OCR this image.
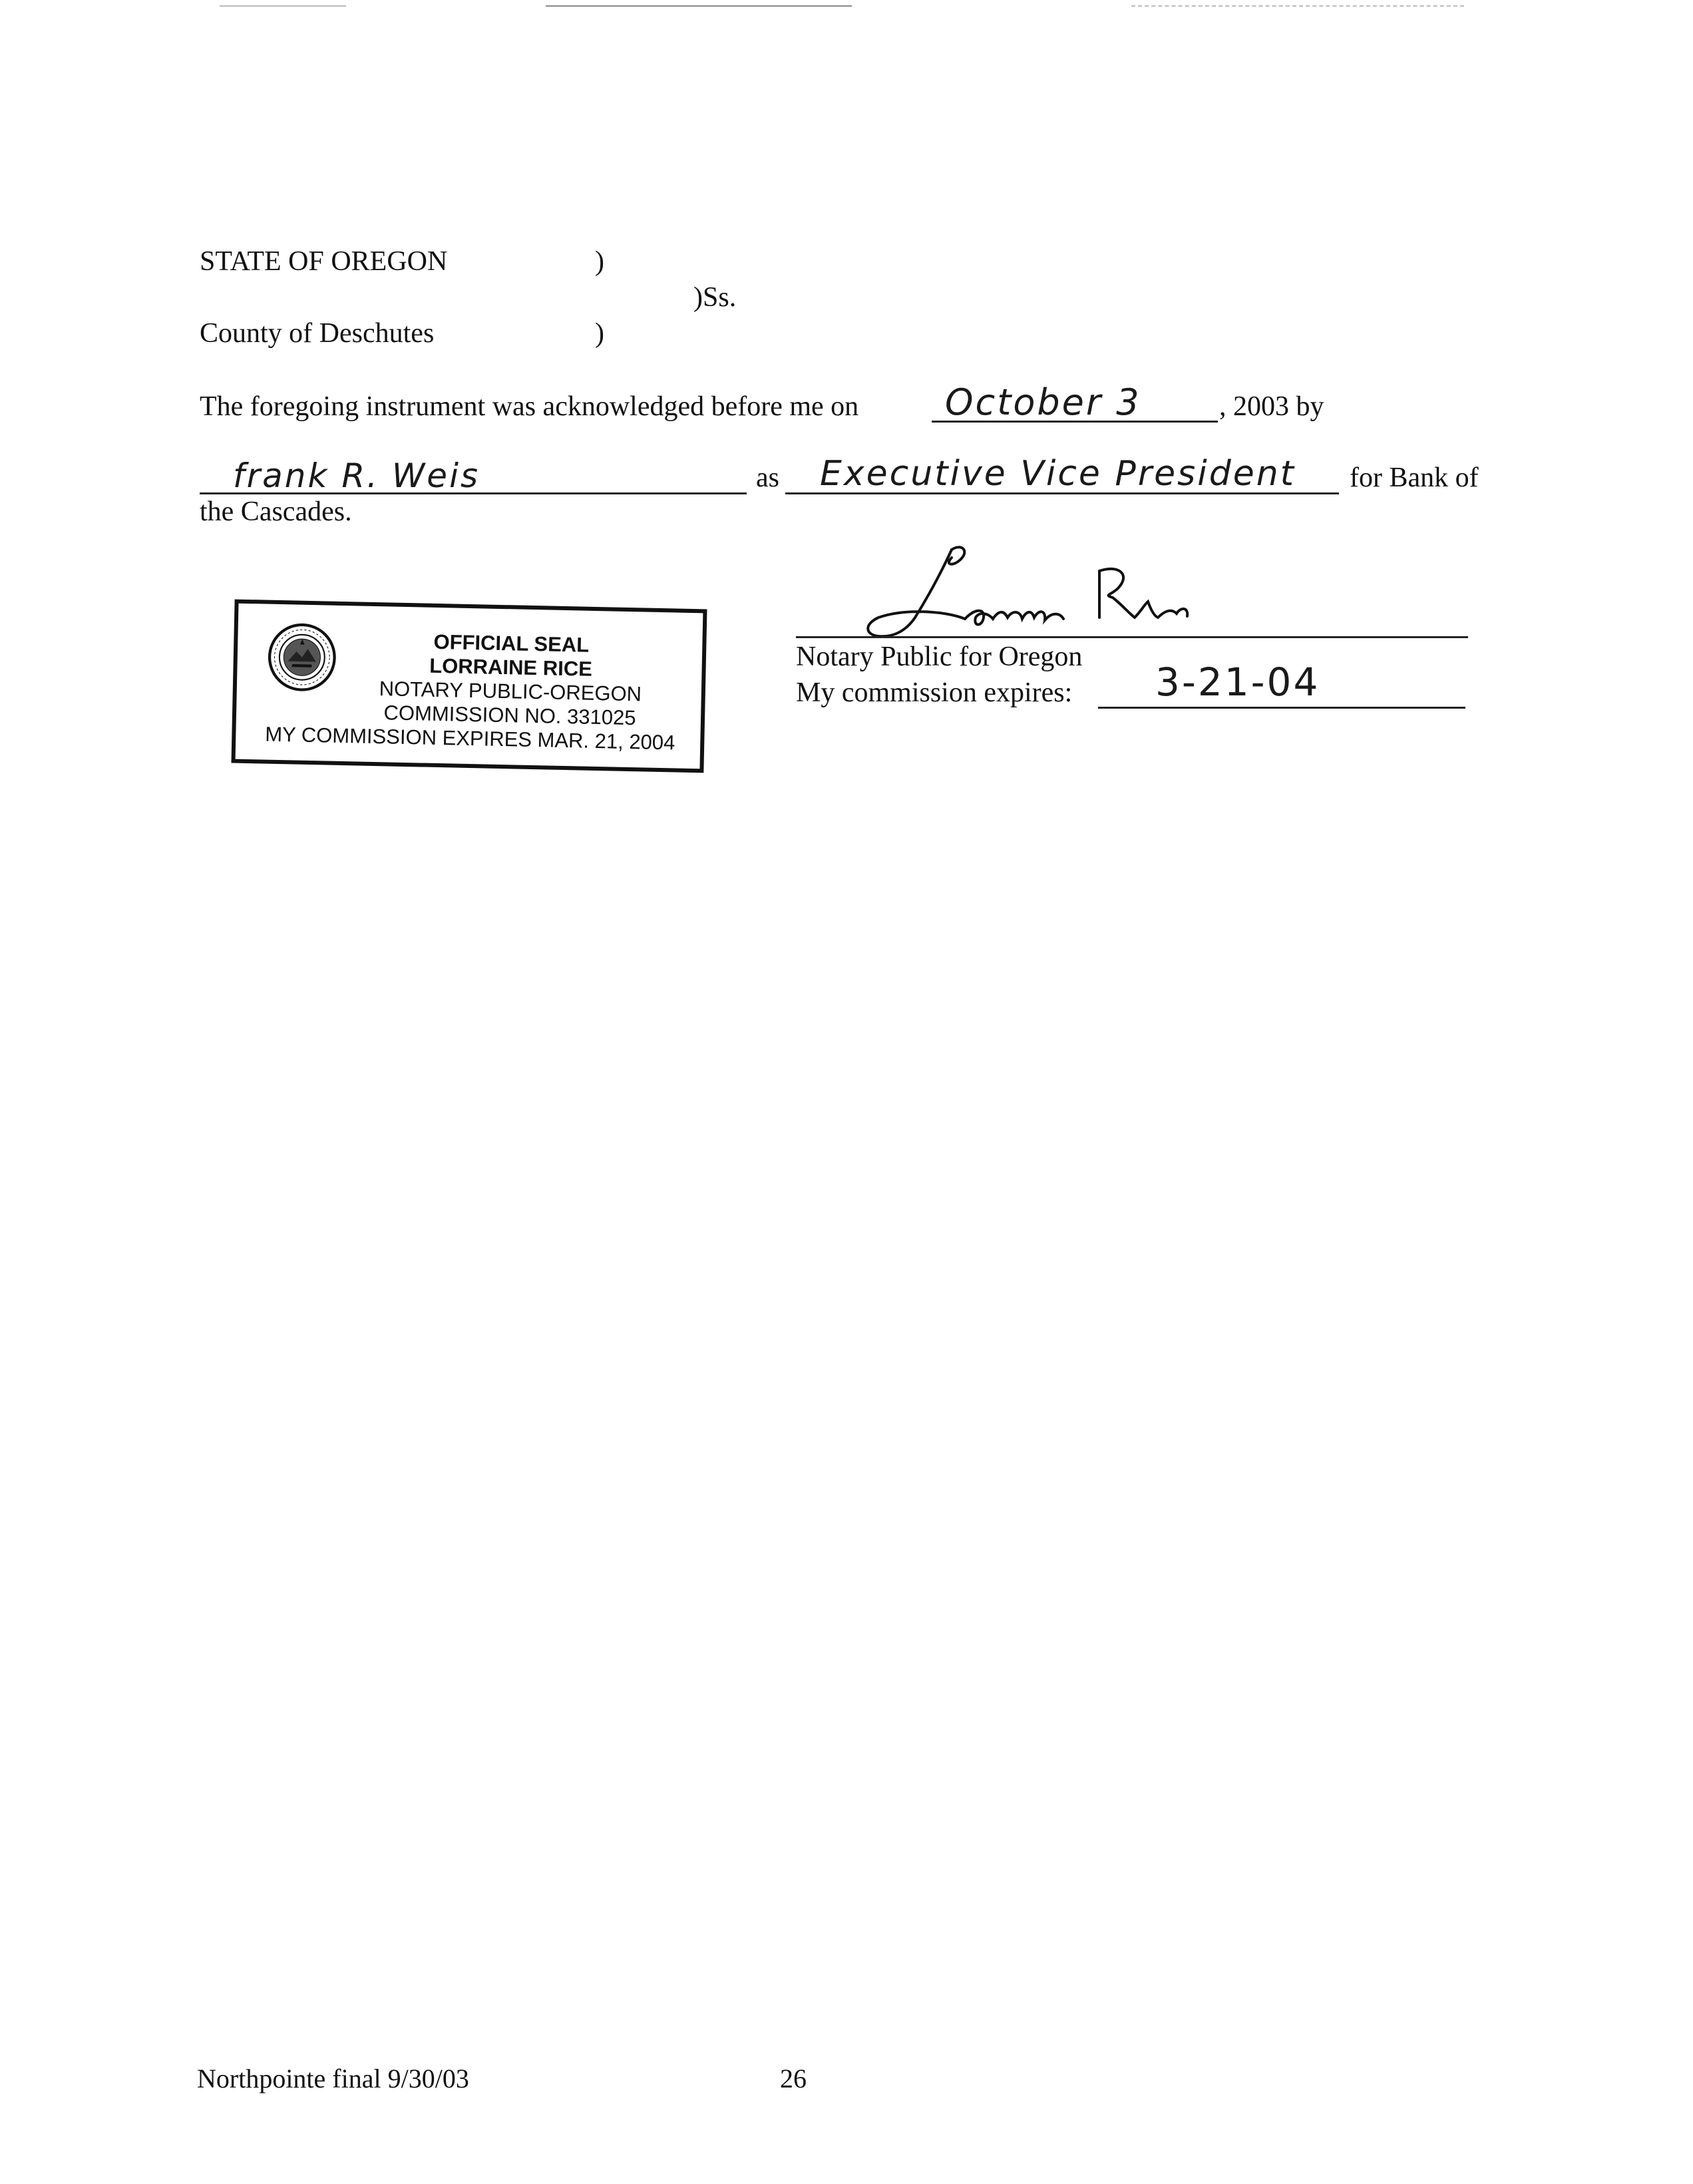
STATE OF OREGON	)
)Ss.
County of Deschutes	)
The foregoing instrument was acknowledged before me on October 3	, 2003 by
frank R. Weis	as Executive Vice President for Bank of
the Cascades.
OFFICIAL SEAL
LORRAINE RICE
NOTARY PUBLIC-OREGON
COMMISSION NO. 331025
MY COMMISSION EXPIRES MAR. 21, 2004
Notary Public for Oregon
My commission expires: 3-21-04
Northpointe final 9/30/03	26
